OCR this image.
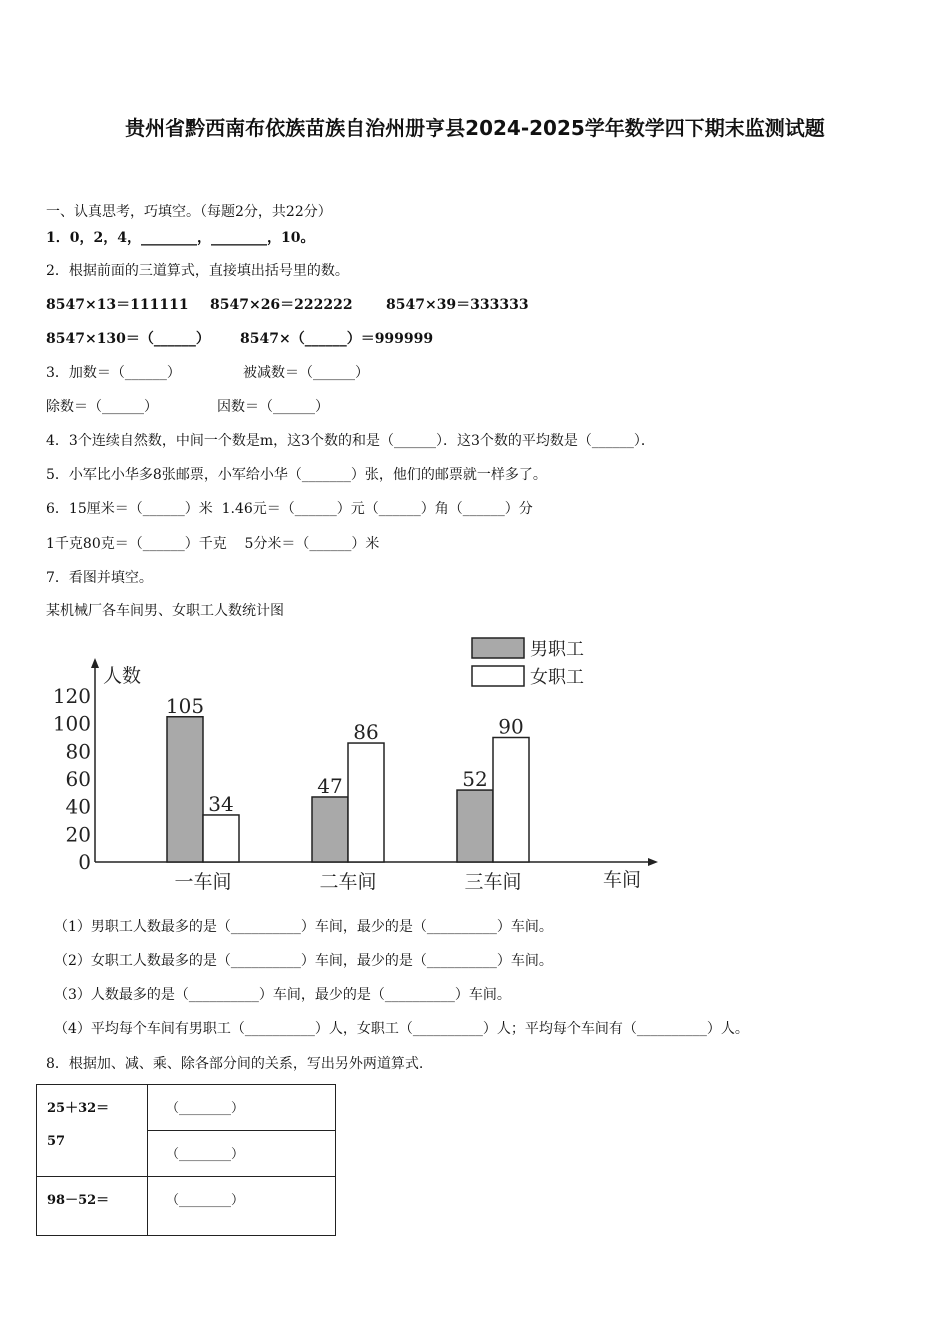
贵州省黔西南布依族苗族自治州册亨县2024-2025学年数学四下期末监测试题
一、认真思考，巧填空。（每题2分，共22分）
1．0，2，4，________，________，10。
2．根据前面的三道算式，直接填出括号里的数。
8547×13＝111111 8547×26＝222222 8547×39＝333333
8547×130＝（______） 8547×（______）＝999999
3．加数＝（______）	被减数＝（______）
除数＝（______）	因数＝（______）
4．3个连续自然数，中间一个数是m，这3个数的和是（______）．这3个数的平均数是（______）．
5．小军比小华多8张邮票，小军给小华（_______）张，他们的邮票就一样多了。
6．15厘米＝（______）米  1.46元＝（______）元（______）角（______）分
1千克80克＝（______）千克    5分米＝（______）米
7．看图并填空。
某机械厂各车间男、女职工人数统计图
0
20
40
60
80
100
120
人数
车间
105
34
一车间
47
86
二车间
52
90
三车间
男职工
女职工
（1）男职工人数最多的是（__________）车间，最少的是（__________）车间。
（2）女职工人数最多的是（__________）车间，最少的是（__________）车间。
（3）人数最多的是（__________）车间，最少的是（__________）车间。
（4）平均每个车间有男职工（__________）人，女职工（__________）人；平均每个车间有（__________）人。
8．根据加、减、乘、除各部分间的关系，写出另外两道算式.
25＋32＝
57	（________）
	（________）
98－52＝	（________）
